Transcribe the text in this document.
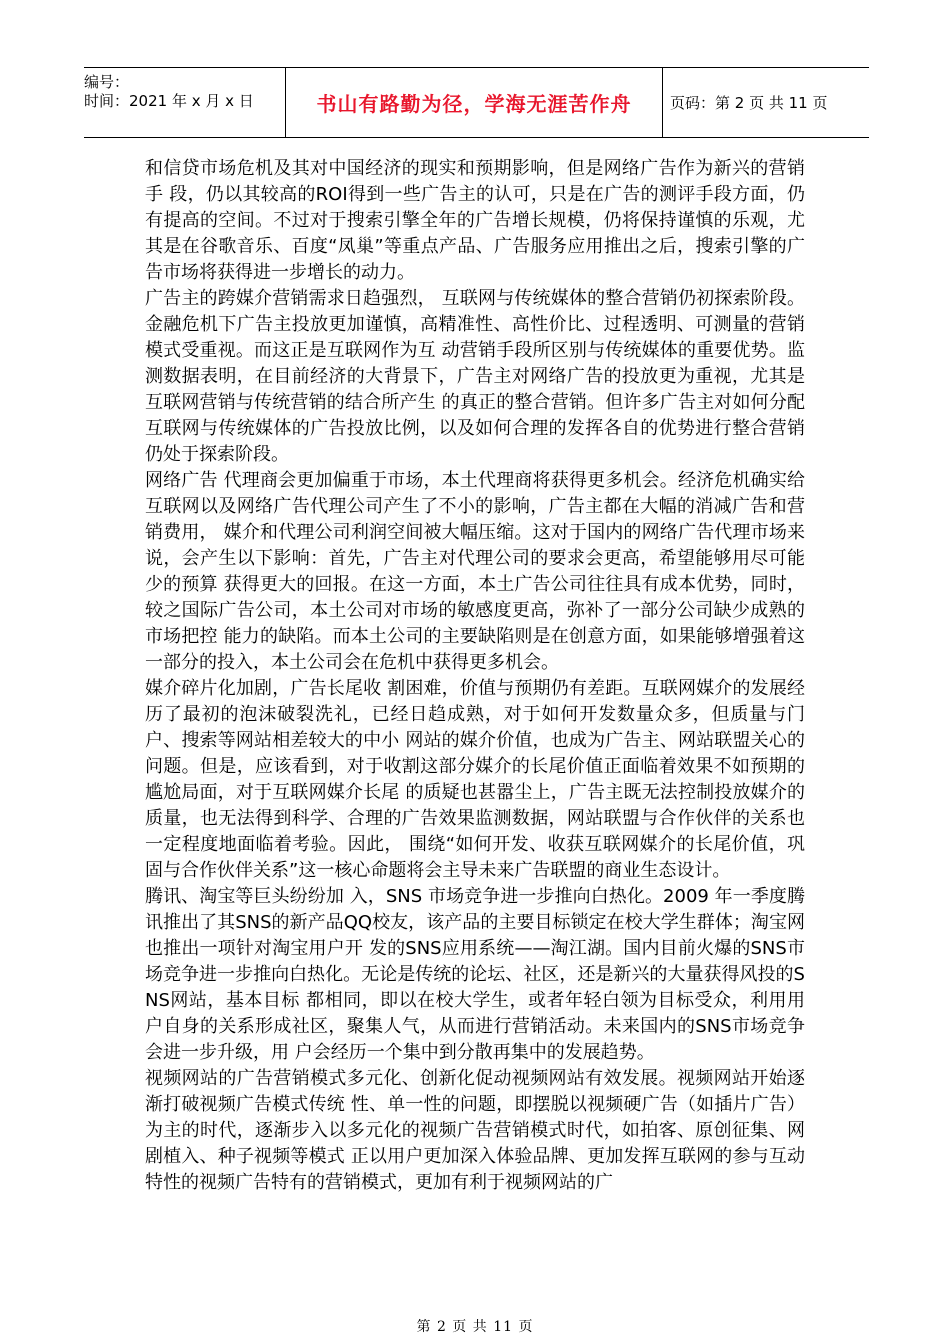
编号：
时间：2021 年 x 月 x 日	书山有路勤为径，学海无涯苦作舟	页码：第 2 页 共 11 页

和信贷市场危机及其对中国经济的现实和预期影响，但是网络广告作为新兴的营销手 段，仍以其较高的ROI得到一些广告主的认可，只是在广告的测评手段方面，仍有提高的空间。不过对于搜索引擎全年的广告增长规模，仍将保持谨慎的乐观，尤 其是在谷歌音乐、百度“凤巢”等重点产品、广告服务应用推出之后，搜索引擎的广告市场将获得进一步增长的动力。

广告主的跨媒介营销需求日趋强烈， 互联网与传统媒体的整合营销仍初探索阶段。金融危机下广告主投放更加谨慎，高精准性、高性价比、过程透明、可测量的营销模式受重视。而这正是互联网作为互 动营销手段所区别与传统媒体的重要优势。监测数据表明，在目前经济的大背景下，广告主对网络广告的投放更为重视，尤其是互联网营销与传统营销的结合所产生 的真正的整合营销。但许多广告主对如何分配互联网与传统媒体的广告投放比例，以及如何合理的发挥各自的优势进行整合营销仍处于探索阶段。

网络广告 代理商会更加偏重于市场，本土代理商将获得更多机会。经济危机确实给互联网以及网络广告代理公司产生了不小的影响，广告主都在大幅的消减广告和营销费用， 媒介和代理公司利润空间被大幅压缩。这对于国内的网络广告代理市场来说，会产生以下影响：首先，广告主对代理公司的要求会更高，希望能够用尽可能少的预算 获得更大的回报。在这一方面，本土广告公司往往具有成本优势，同时，较之国际广告公司，本土公司对市场的敏感度更高，弥补了一部分公司缺少成熟的市场把控 能力的缺陷。而本土公司的主要缺陷则是在创意方面，如果能够增强着这一部分的投入，本土公司会在危机中获得更多机会。

媒介碎片化加剧，广告长尾收 割困难，价值与预期仍有差距。互联网媒介的发展经历了最初的泡沫破裂洗礼，已经日趋成熟，对于如何开发数量众多，但质量与门户、搜索等网站相差较大的中小 网站的媒介价值，也成为广告主、网站联盟关心的问题。但是，应该看到，对于收割这部分媒介的长尾价值正面临着效果不如预期的尴尬局面，对于互联网媒介长尾 的质疑也甚嚣尘上，广告主既无法控制投放媒介的质量，也无法得到科学、合理的广告效果监测数据，网站联盟与合作伙伴的关系也一定程度地面临着考验。因此， 围绕“如何开发、收获互联网媒介的长尾价值，巩固与合作伙伴关系”这一核心命题将会主导未来广告联盟的商业生态设计。

腾讯、淘宝等巨头纷纷加 入，SNS 市场竞争进一步推向白热化。2009 年一季度腾讯推出了其SNS的新产品QQ校友，该产品的主要目标锁定在校大学生群体；淘宝网也推出一项针对淘宝用户开 发的SNS应用系统——淘江湖。国内目前火爆的SNS市场竞争进一步推向白热化。无论是传统的论坛、社区，还是新兴的大量获得风投的SNS网站，基本目标 都相同，即以在校大学生，或者年轻白领为目标受众，利用用户自身的关系形成社区，聚集人气，从而进行营销活动。未来国内的SNS市场竞争会进一步升级，用 户会经历一个集中到分散再集中的发展趋势。

视频网站的广告营销模式多元化、创新化促动视频网站有效发展。视频网站开始逐渐打破视频广告模式传统 性、单一性的问题，即摆脱以视频硬广告（如插片广告）为主的时代，逐渐步入以多元化的视频广告营销模式时代，如拍客、原创征集、网剧植入、种子视频等模式 正以用户更加深入体验品牌、更加发挥互联网的参与互动特性的视频广告特有的营销模式，更加有利于视频网站的广

第 2 页 共 11 页
